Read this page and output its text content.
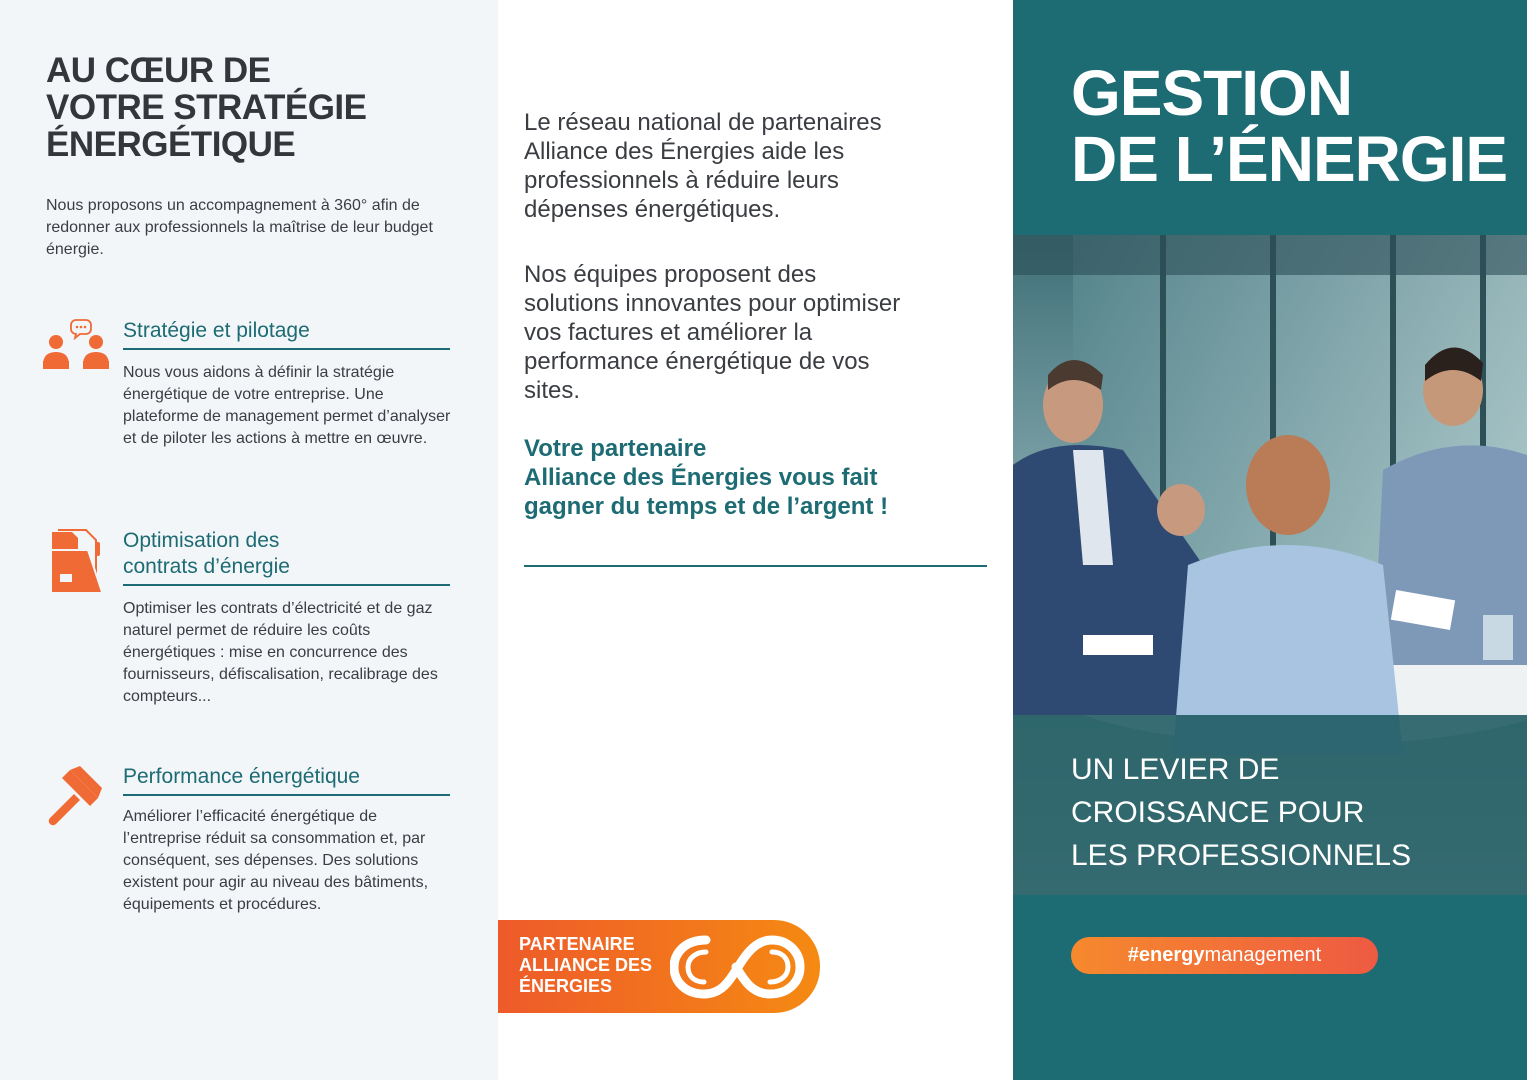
AU CŒUR DE
VOTRE STRATÉGIE
ÉNERGÉTIQUE

Nous proposons un accompagnement à 360° afin de redonner aux professionnels la maîtrise de leur budget énergie.

Stratégie et pilotage

Nous vous aidons à définir la stratégie énergétique de votre entreprise. Une plateforme de management permet d’analyser et de piloter les actions à mettre en œuvre.

Optimisation des
contrats d’énergie

Optimiser les contrats d’électricité et de gaz naturel permet de réduire les coûts énergétiques : mise en concurrence des fournisseurs, défiscalisation, recalibrage des compteurs...

Performance énergétique

Améliorer l’efficacité énergétique de l’entreprise réduit sa consommation et, par conséquent, ses dépenses. Des solutions existent pour agir au niveau des bâtiments, équipements et procédures.

Le réseau national de partenaires Alliance des Énergies aide les professionnels à réduire leurs dépenses énergétiques.

Nos équipes proposent des solutions innovantes pour optimiser vos factures et améliorer la performance énergétique de vos sites.

Votre partenaire
Alliance des Énergies vous fait
gagner du temps et de l’argent !

PARTENAIRE
ALLIANCE DES
ÉNERGIES
GESTION
DE L’ÉNERGIE
UN LEVIER DE
CROISSANCE POUR
LES PROFESSIONNELS
#energymanagement
